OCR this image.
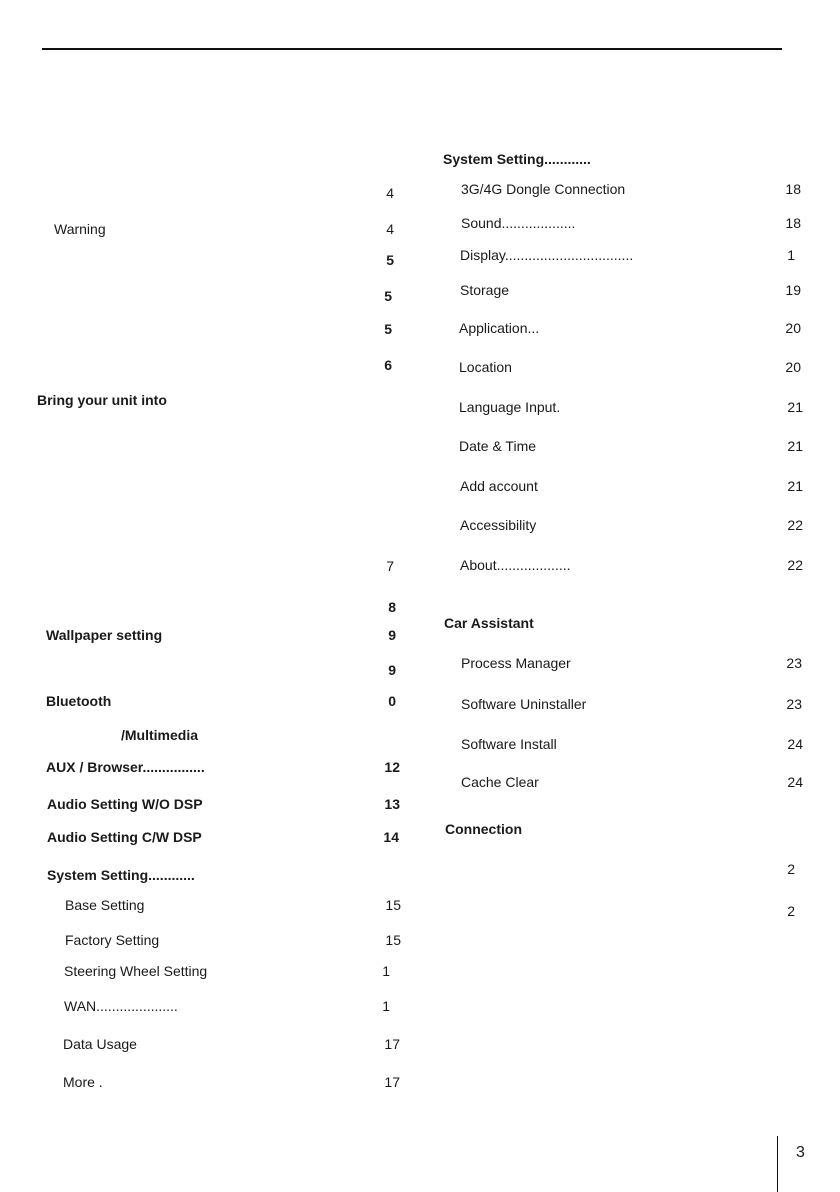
4
Warning	4
5
5
5
6
Bring your unit into
7
8
Wallpaper setting	9
9
Bluetooth	0
/Multimedia
AUX / Browser................	12
Audio Setting W/O DSP	13
Audio Setting C/W DSP	14
System Setting............
Base Setting	15
Factory Setting	15
Steering Wheel Setting	1
WAN.....................	1
Data Usage	17
More .	17
System Setting............
3G/4G Dongle Connection	18
Sound...................	18
Display.................................	1
Storage	19
Application...	20
Location	20
Language Input.	21
Date & Time	21
Add account	21
Accessibility	22
About...................	22
Car Assistant
Process Manager	23
Software Uninstaller	23
Software Install	24
Cache Clear	24
Connection
2
2
3
